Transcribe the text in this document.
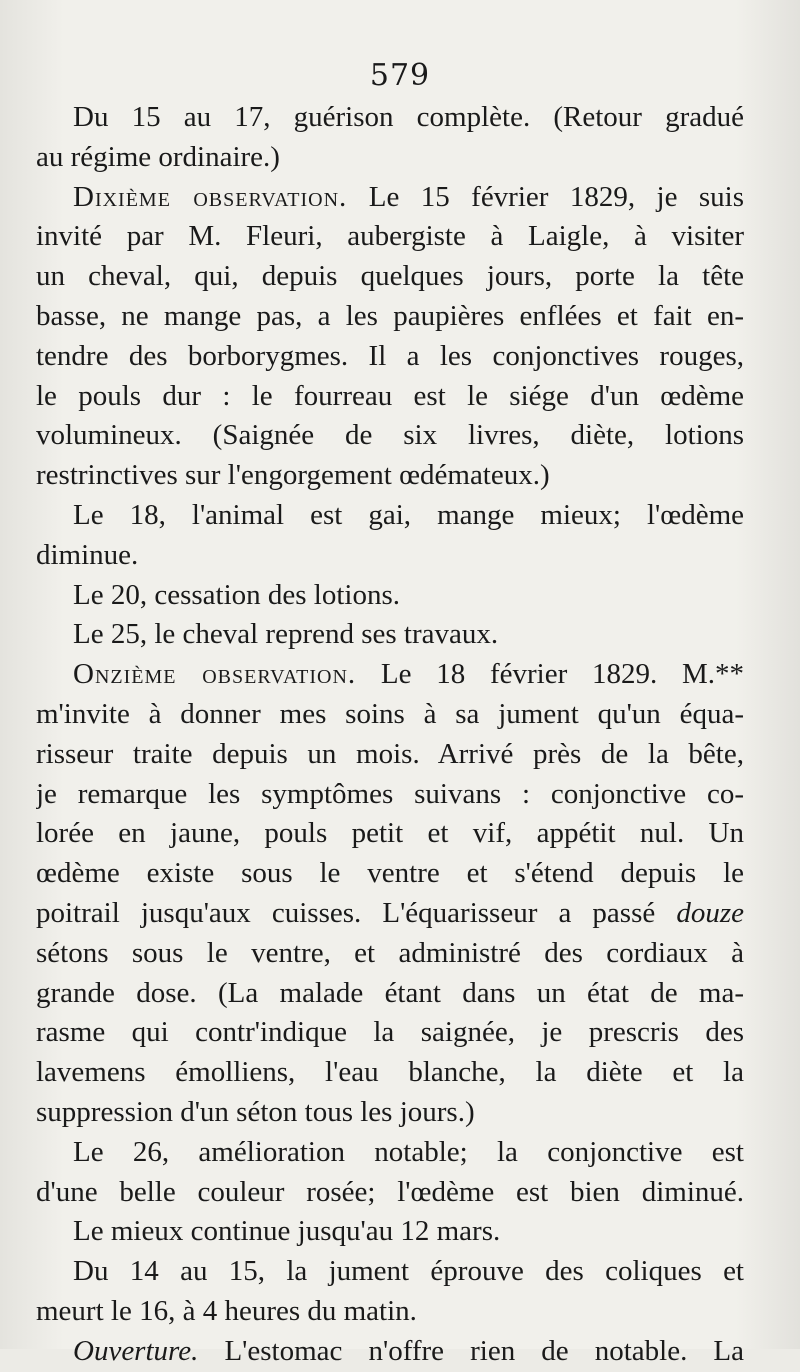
579
Du 15 au 17, guérison complète. (Retour gradué
au régime ordinaire.)
Dixième observation. Le 15 février 1829, je suis
invité par M. Fleuri, aubergiste à Laigle, à visiter
un cheval, qui, depuis quelques jours, porte la tête
basse, ne mange pas, a les paupières enflées et fait en-
tendre des borborygmes. Il a les conjonctives rouges,
le pouls dur : le fourreau est le siége d'un œdème
volumineux. (Saignée de six livres, diète, lotions
restrinctives sur l'engorgement œdémateux.)
Le 18, l'animal est gai, mange mieux; l'œdème
diminue.
Le 20, cessation des lotions.
Le 25, le cheval reprend ses travaux.
Onzième observation. Le 18 février 1829. M.**
m'invite à donner mes soins à sa jument qu'un équa-
risseur traite depuis un mois. Arrivé près de la bête,
je remarque les symptômes suivans : conjonctive co-
lorée en jaune, pouls petit et vif, appétit nul. Un
œdème existe sous le ventre et s'étend depuis le
poitrail jusqu'aux cuisses. L'équarisseur a passé douze
sétons sous le ventre, et administré des cordiaux à
grande dose. (La malade étant dans un état de ma-
rasme qui contr'indique la saignée, je prescris des
lavemens émolliens, l'eau blanche, la diète et la
suppression d'un séton tous les jours.)
Le 26, amélioration notable; la conjonctive est
d'une belle couleur rosée; l'œdème est bien diminué.
Le mieux continue jusqu'au 12 mars.
Du 14 au 15, la jument éprouve des coliques et
meurt le 16, à 4 heures du matin.
Ouverture. L'estomac n'offre rien de notable. La
